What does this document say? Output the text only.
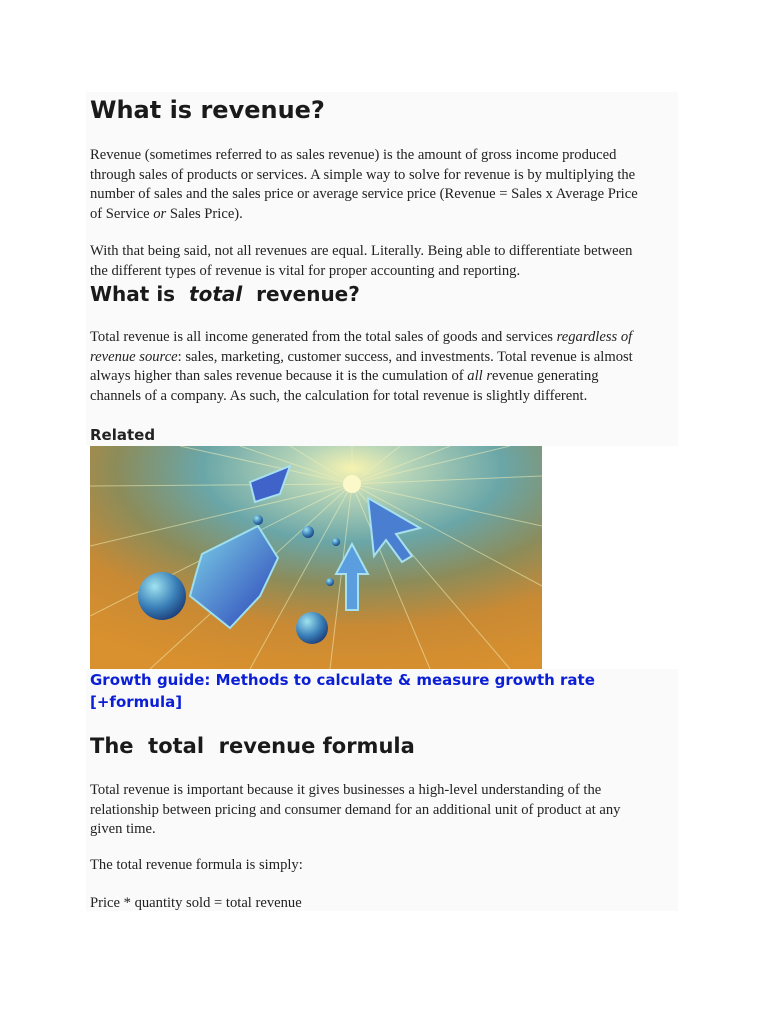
What is revenue?
Revenue (sometimes referred to as sales revenue) is the amount of gross income produced
through sales of products or services. A simple way to solve for revenue is by multiplying the
number of sales and the sales price or average service price (Revenue = Sales x Average Price
of Service or Sales Price).
With that being said, not all revenues are equal. Literally. Being able to differentiate between
the different types of revenue is vital for proper accounting and reporting.
What is total revenue?
Total revenue is all income generated from the total sales of goods and services regardless of
revenue source: sales, marketing, customer success, and investments. Total revenue is almost
always higher than sales revenue because it is the cumulation of all revenue generating
channels of a company. As such, the calculation for total revenue is slightly different.
Related
Growth guide: Methods to calculate & measure growth rate
[+formula]
The total revenue formula
Total revenue is important because it gives businesses a high-level understanding of the
relationship between pricing and consumer demand for an additional unit of product at any
given time.
The total revenue formula is simply:
Price * quantity sold = total revenue
